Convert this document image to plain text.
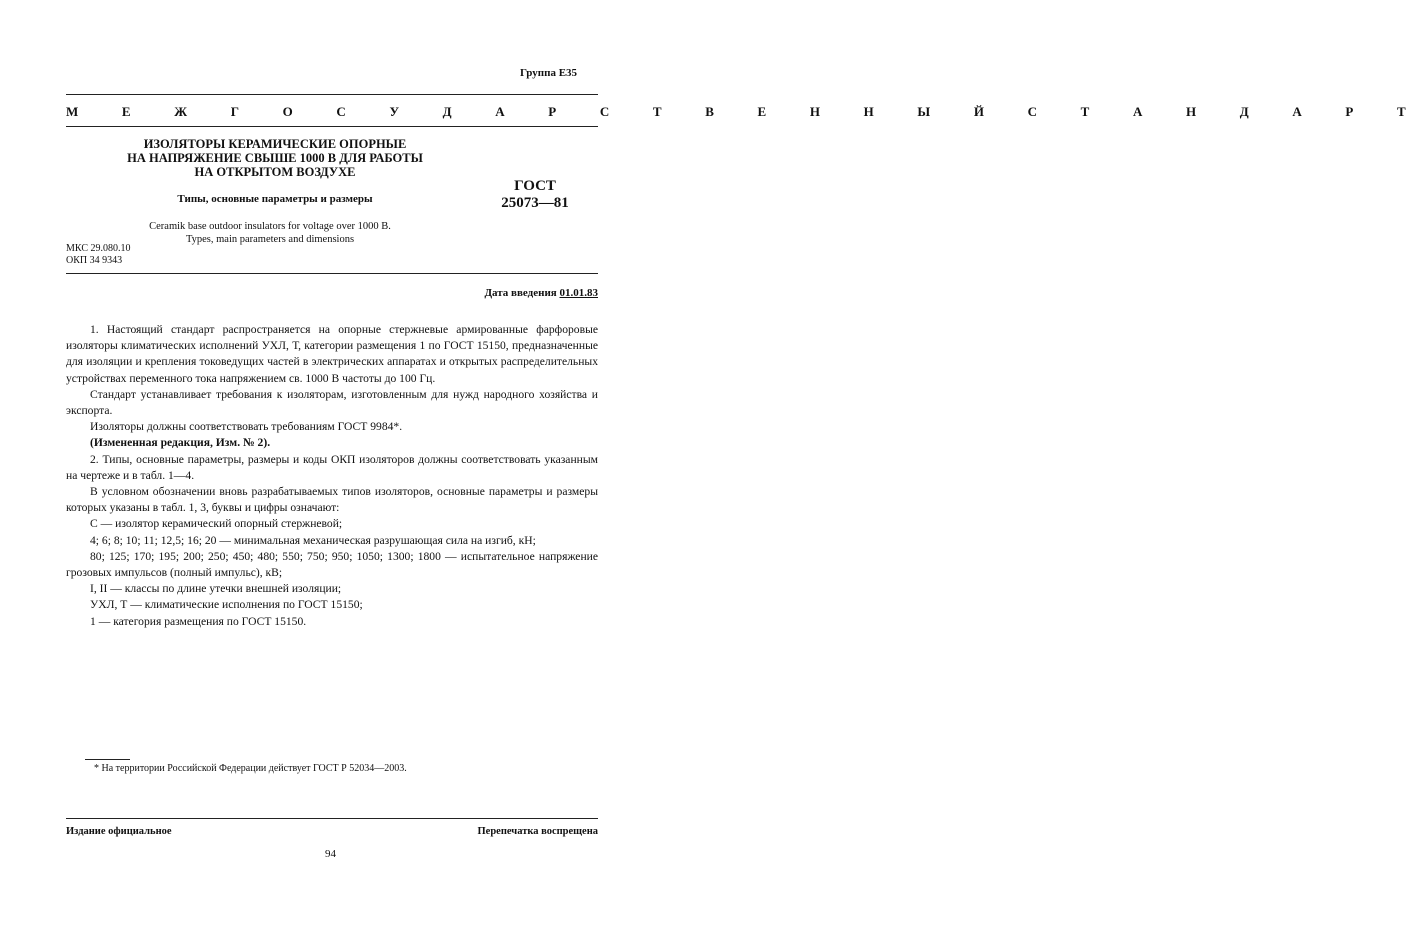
Группа Е35
М Е Ж Г О С У Д А Р С Т В Е Н Н Ы Й С Т А Н Д А Р Т
ИЗОЛЯТОРЫ КЕРАМИЧЕСКИЕ ОПОРНЫЕ
НА НАПРЯЖЕНИЕ СВЫШЕ 1000 В ДЛЯ РАБОТЫ
НА ОТКРЫТОМ ВОЗДУХЕ
Типы, основные параметры и размеры
ГОСТ
25073—81
Ceramik base outdoor insulators for voltage over 1000 В.
Types, main parameters and dimensions
МКС 29.080.10
ОКП 34 9343
Дата введения 01.01.83

1. Настоящий стандарт распространяется на опорные стержневые армированные фарфоровые изоляторы климатических исполнений УХЛ, Т, категории размещения 1 по ГОСТ 15150, предназначенные для изоляции и крепления токоведущих частей в электрических аппаратах и открытых распределительных устройствах переменного тока напряжением св. 1000 В частоты до 100 Гц.

Стандарт устанавливает требования к изоляторам, изготовленным для нужд народного хозяйства и экспорта.

Изоляторы должны соответствовать требованиям ГОСТ 9984*.

(Измененная редакция, Изм. № 2).

2. Типы, основные параметры, размеры и коды ОКП изоляторов должны соответствовать указанным на чертеже и в табл. 1—4.

В условном обозначении вновь разрабатываемых типов изоляторов, основные параметры и размеры которых указаны в табл. 1, 3, буквы и цифры означают:

С — изолятор керамический опорный стержневой;

4; 6; 8; 10; 11; 12,5; 16; 20 — минимальная механическая разрушающая сила на изгиб, кН;

80; 125; 170; 195; 200; 250; 450; 480; 550; 750; 950; 1050; 1300; 1800 — испытательное напряжение грозовых импульсов (полный импульс), кВ;

I, II — классы по длине утечки внешней изоляции;

УХЛ, Т — климатические исполнения по ГОСТ 15150;

1 — категория размещения по ГОСТ 15150.

* На территории Российской Федерации действует ГОСТ Р 52034—2003.
Издание официальное	Перепечатка воспрещена
94
